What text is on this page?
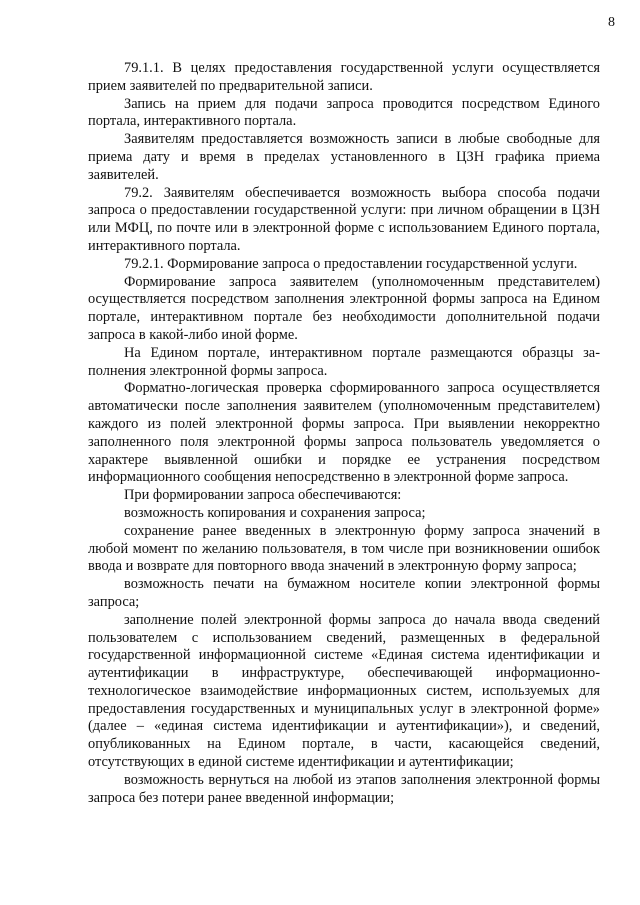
8

79.1.1. В целях предоставления государственной услуги осуществляется прием заявителей по предварительной записи.

Запись на прием для подачи запроса проводится посредством Единого портала, интерактивного портала.

Заявителям предоставляется возможность записи в любые свободные для приема дату и время в пределах установленного в ЦЗН графика приема заявителей.

79.2. Заявителям обеспечивается возможность выбора способа подачи запроса о предоставлении государственной услуги: при личном обращении в ЦЗН или МФЦ, по почте или в электронной форме с использованием Единого портала, интерактивного портала.

79.2.1. Формирование запроса о предоставлении государственной услуги.

Формирование запроса заявителем (уполномоченным представителем) осуществляется посредством заполнения электронной формы запроса на Едином портале, интерактивном портале без необходимости дополнительной подачи запроса в какой-либо иной форме.

На Едином портале, интерактивном портале размещаются образцы заполнения электронной формы запроса.

Форматно-логическая проверка сформированного запроса осуществляется автоматически после заполнения заявителем (уполномоченным представителем) каждого из полей электронной формы запроса. При выявлении некорректно заполненного поля электронной формы запроса пользователь уведомляется о характере выявленной ошибки и порядке ее устранения посредством информационного сообщения непосредственно в электронной форме запроса.

При формировании запроса обеспечиваются:

возможность копирования и сохранения запроса;

сохранение ранее введенных в электронную форму запроса значений в любой момент по желанию пользователя, в том числе при возникновении ошибок ввода и возврате для повторного ввода значений в электронную форму запроса;

возможность печати на бумажном носителе копии электронной формы запроса;

заполнение полей электронной формы запроса до начала ввода сведений пользователем с использованием сведений, размещенных в федеральной государственной информационной системе «Единая система идентификации и аутентификации в инфраструктуре, обеспечивающей информационно-технологическое взаимодействие информационных систем, используемых для предоставления государственных и муниципальных услуг в электронной форме» (далее – «единая система идентификации и аутентификации»), и сведений, опубликованных на Едином портале, в части, касающейся сведений, отсутствующих в единой системе идентификации и аутентификации;

возможность вернуться на любой из этапов заполнения электронной формы запроса без потери ранее введенной информации;
